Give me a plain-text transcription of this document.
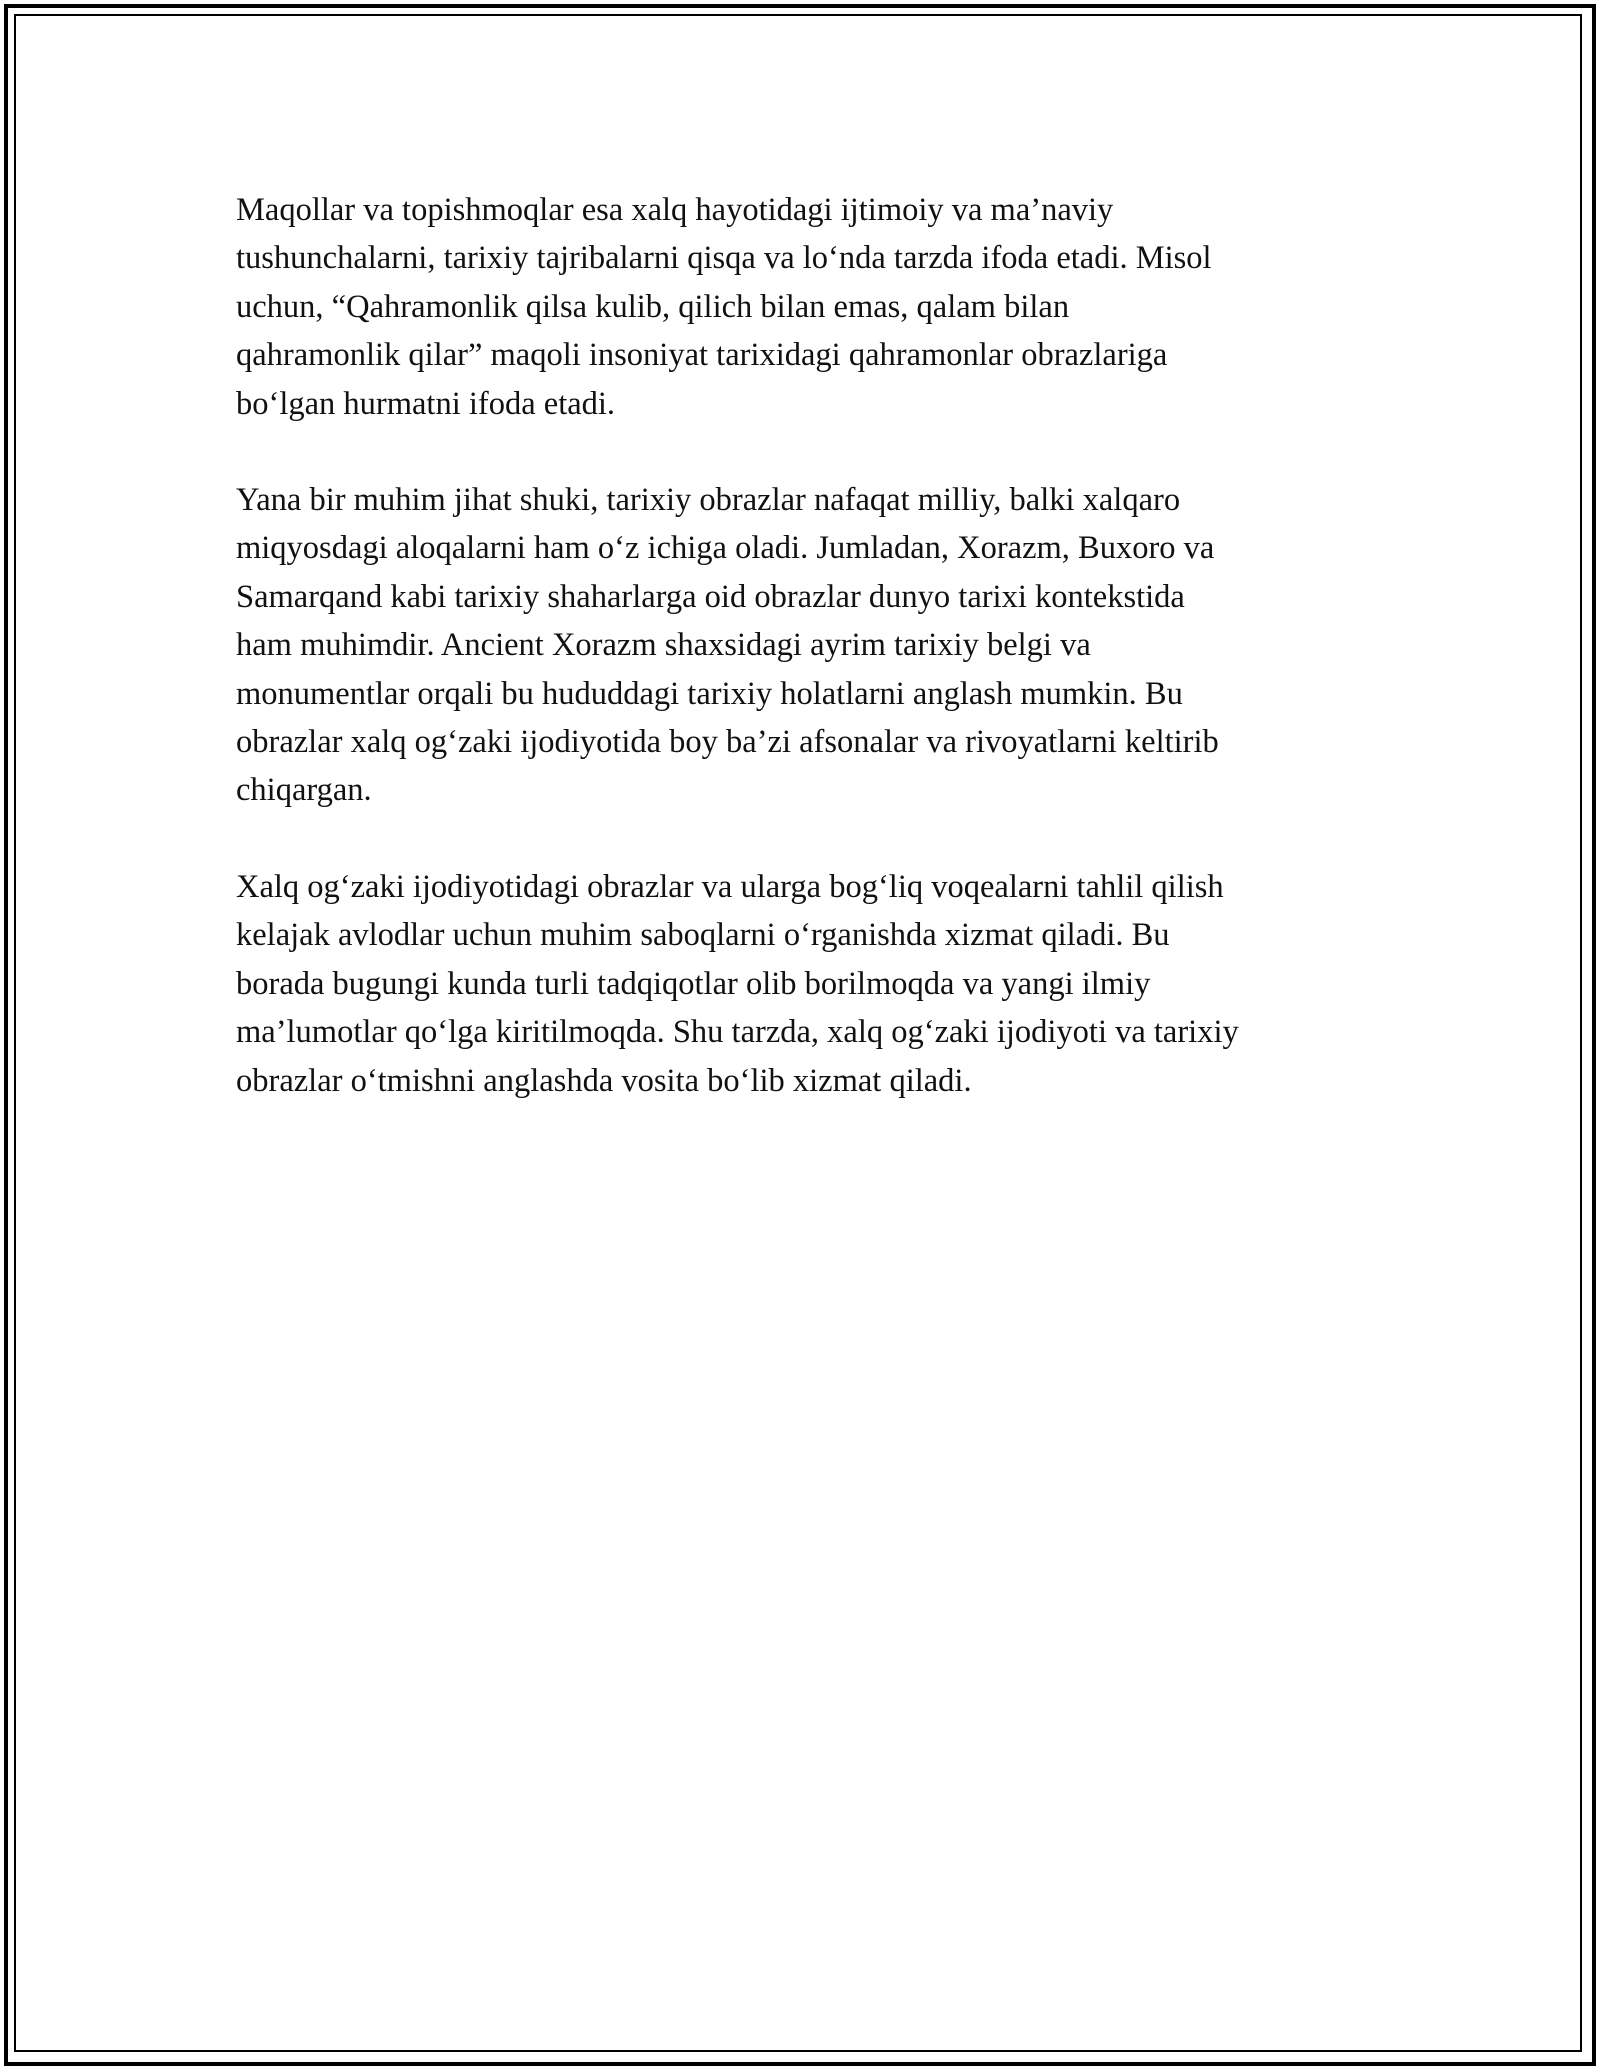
Maqollar va topishmoqlar esa xalq hayotidagi ijtimoiy va ma’naviy
tushunchalarni, tarixiy tajribalarni qisqa va lo‘nda tarzda ifoda etadi. Misol
uchun, “Qahramonlik qilsa kulib, qilich bilan emas, qalam bilan
qahramonlik qilar” maqoli insoniyat tarixidagi qahramonlar obrazlariga
bo‘lgan hurmatni ifoda etadi.

Yana bir muhim jihat shuki, tarixiy obrazlar nafaqat milliy, balki xalqaro
miqyosdagi aloqalarni ham o‘z ichiga oladi. Jumladan, Xorazm, Buxoro va
Samarqand kabi tarixiy shaharlarga oid obrazlar dunyo tarixi kontekstida
ham muhimdir. Ancient Xorazm shaxsidagi ayrim tarixiy belgi va
monumentlar orqali bu hududdagi tarixiy holatlarni anglash mumkin. Bu
obrazlar xalq og‘zaki ijodiyotida boy ba’zi afsonalar va rivoyatlarni keltirib
chiqargan.

Xalq og‘zaki ijodiyotidagi obrazlar va ularga bog‘liq voqealarni tahlil qilish
kelajak avlodlar uchun muhim saboqlarni o‘rganishda xizmat qiladi. Bu
borada bugungi kunda turli tadqiqotlar olib borilmoqda va yangi ilmiy
ma’lumotlar qo‘lga kiritilmoqda. Shu tarzda, xalq og‘zaki ijodiyoti va tarixiy
obrazlar o‘tmishni anglashda vosita bo‘lib xizmat qiladi.
